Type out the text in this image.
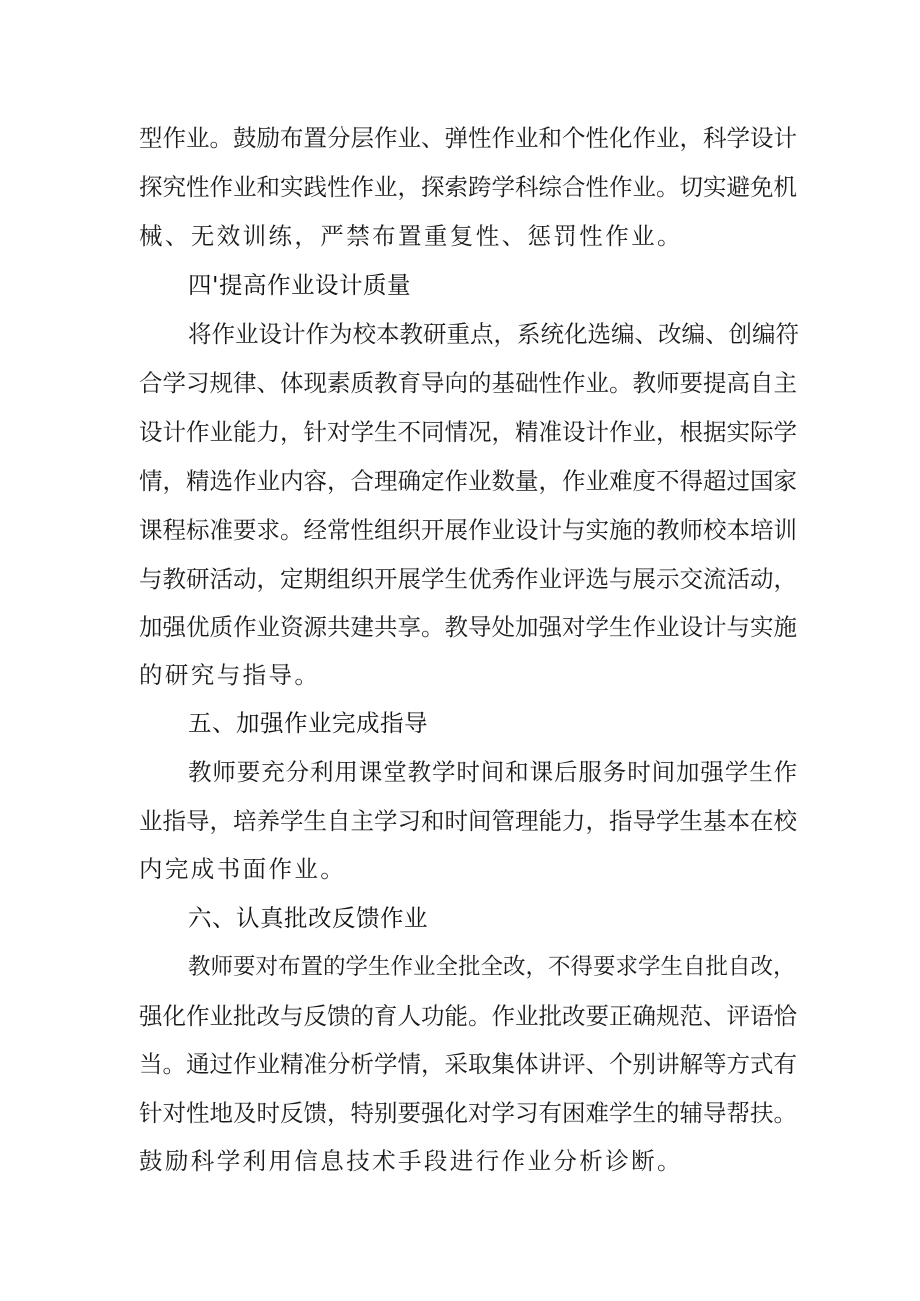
型作业。鼓励布置分层作业、弹性作业和个性化作业，科学设计
探究性作业和实践性作业，探索跨学科综合性作业。切实避免机
械、无效训练，严禁布置重复性、惩罚性作业。
四'提高作业设计质量
将作业设计作为校本教研重点，系统化选编、改编、创编符
合学习规律、体现素质教育导向的基础性作业。教师要提高自主
设计作业能力，针对学生不同情况，精准设计作业，根据实际学
情，精选作业内容，合理确定作业数量，作业难度不得超过国家
课程标准要求。经常性组织开展作业设计与实施的教师校本培训
与教研活动，定期组织开展学生优秀作业评选与展示交流活动，
加强优质作业资源共建共享。教导处加强对学生作业设计与实施
的研究与指导。
五、加强作业完成指导
教师要充分利用课堂教学时间和课后服务时间加强学生作
业指导，培养学生自主学习和时间管理能力，指导学生基本在校
内完成书面作业。
六、认真批改反馈作业
教师要对布置的学生作业全批全改，不得要求学生自批自改，
强化作业批改与反馈的育人功能。作业批改要正确规范、评语恰
当。通过作业精准分析学情，采取集体讲评、个别讲解等方式有
针对性地及时反馈，特别要强化对学习有困难学生的辅导帮扶。
鼓励科学利用信息技术手段进行作业分析诊断。
